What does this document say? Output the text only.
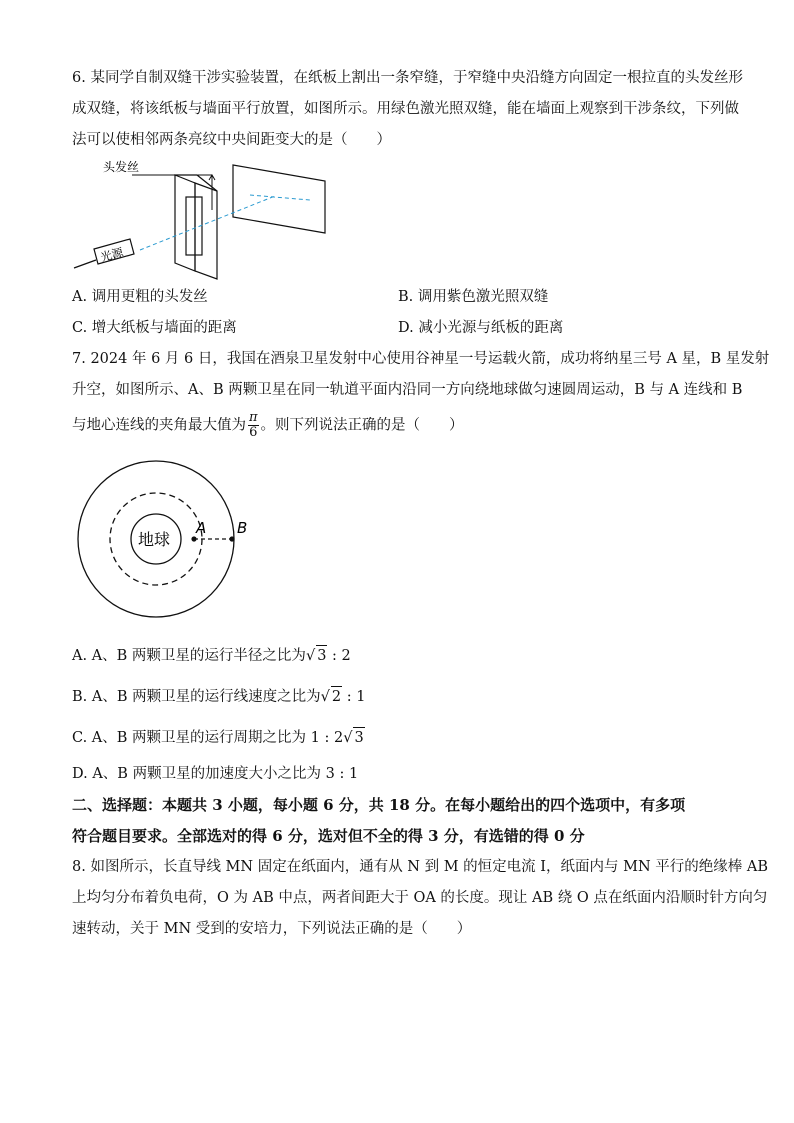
6. 某同学自制双缝干涉实验装置，在纸板上割出一条窄缝，于窄缝中央沿缝方向固定一根拉直的头发丝形
成双缝，将该纸板与墙面平行放置，如图所示。用绿色激光照双缝，能在墙面上观察到干涉条纹，下列做
法可以使相邻两条亮纹中央间距变大的是（　　）
头发丝
光源
A. 调用更粗的头发丝	B. 调用紫色激光照双缝
C. 增大纸板与墙面的距离	D. 减小光源与纸板的距离
7. 2024 年 6 月 6 日，我国在酒泉卫星发射中心使用谷神星一号运载火箭，成功将纳星三号 A 星，B 星发射
升空，如图所示、A、B 两颗卫星在同一轨道平面内沿同一方向绕地球做匀速圆周运动，B 与 A 连线和 B
与地心连线的夹角最大值为 $\frac{\pi}{6}$ 。则下列说法正确的是（　　）
地球
A B
A. A、B 两颗卫星的运行半径之比为√ 3 : 2
B. A、B 两颗卫星的运行线速度之比为√ 2 : 1
C. A、B 两颗卫星的运行周期之比为 1 : 2√ 3
D. A、B 两颗卫星的加速度大小之比为 3 : 1
二、选择题：本题共 3 小题，每小题 6 分，共 18 分。在每小题给出的四个选项中，有多项
符合题目要求。全部选对的得 6 分，选对但不全的得 3 分，有选错的得 0 分
8. 如图所示，长直导线 MN 固定在纸面内，通有从 N 到 M 的恒定电流 I，纸面内与 MN 平行的绝缘棒 AB
上均匀分布着负电荷，O 为 AB 中点，两者间距大于 OA 的长度。现让 AB 绕 O 点在纸面内沿顺时针方向匀
速转动，关于 MN 受到的安培力，下列说法正确的是（　　）
